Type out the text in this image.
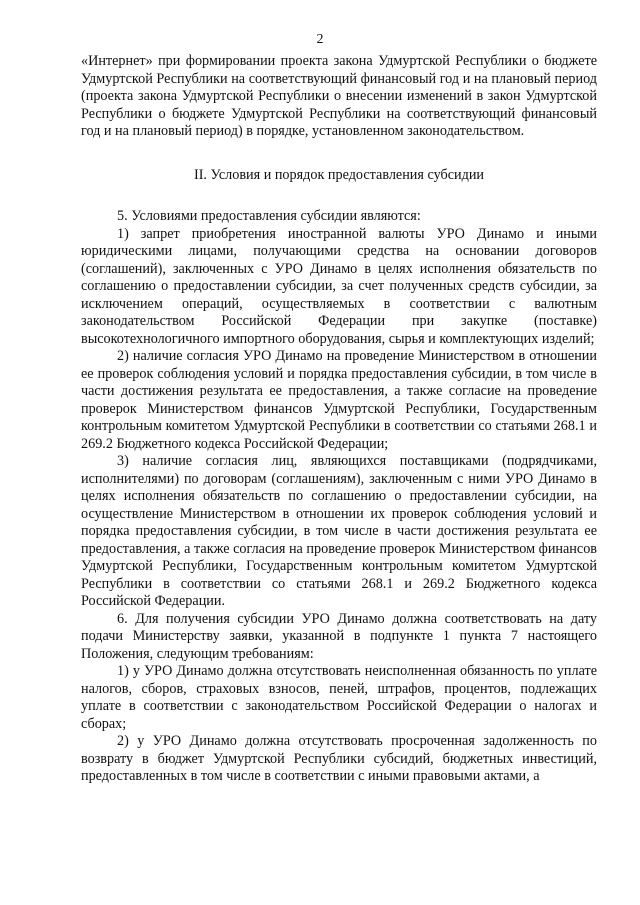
2

«Интернет» при формировании проекта закона Удмуртской Республики о бюджете Удмуртской Республики на соответствующий финансовый год и на плановый период (проекта закона Удмуртской Республики о внесении изменений в закон Удмуртской Республики о бюджете Удмуртской Республики на соответствующий финансовый год и на плановый период) в порядке, установленном законодательством.

II. Условия и порядок предоставления субсидии

5. Условиями предоставления субсидии являются:

1) запрет приобретения иностранной валюты УРО Динамо и иными юридическими лицами, получающими средства на основании договоров (соглашений), заключенных с УРО Динамо в целях исполнения обязательств по соглашению о предоставлении субсидии, за счет полученных средств субсидии, за исключением операций, осуществляемых в соответствии с валютным законодательством Российской Федерации при закупке (поставке) высокотехнологичного импортного оборудования, сырья и комплектующих изделий;

2) наличие согласия УРО Динамо на проведение Министерством в отношении ее проверок соблюдения условий и порядка предоставления субсидии, в том числе в части достижения результата ее предоставления, а также согласие на проведение проверок Министерством финансов Удмуртской Республики, Государственным контрольным комитетом Удмуртской Республики в соответствии со статьями 268.1 и 269.2 Бюджетного кодекса Российской Федерации;

3) наличие согласия лиц, являющихся поставщиками (подрядчиками, исполнителями) по договорам (соглашениям), заключенным с ними УРО Динамо в целях исполнения обязательств по соглашению о предоставлении субсидии, на осуществление Министерством в отношении их проверок соблюдения условий и порядка предоставления субсидии, в том числе в части достижения результата ее предоставления, а также согласия на проведение проверок Министерством финансов Удмуртской Республики, Государственным контрольным комитетом Удмуртской Республики в соответствии со статьями 268.1 и 269.2 Бюджетного кодекса Российской Федерации.

6. Для получения субсидии УРО Динамо должна соответствовать на дату подачи Министерству заявки, указанной в подпункте 1 пункта 7 настоящего Положения, следующим требованиям:

1) у УРО Динамо должна отсутствовать неисполненная обязанность по уплате налогов, сборов, страховых взносов, пеней, штрафов, процентов, подлежащих уплате в соответствии с законодательством Российской Федерации о налогах и сборах;

2) у УРО Динамо должна отсутствовать просроченная задолженность по возврату в бюджет Удмуртской Республики субсидий, бюджетных инвестиций, предоставленных в том числе в соответствии с иными правовыми актами, а
